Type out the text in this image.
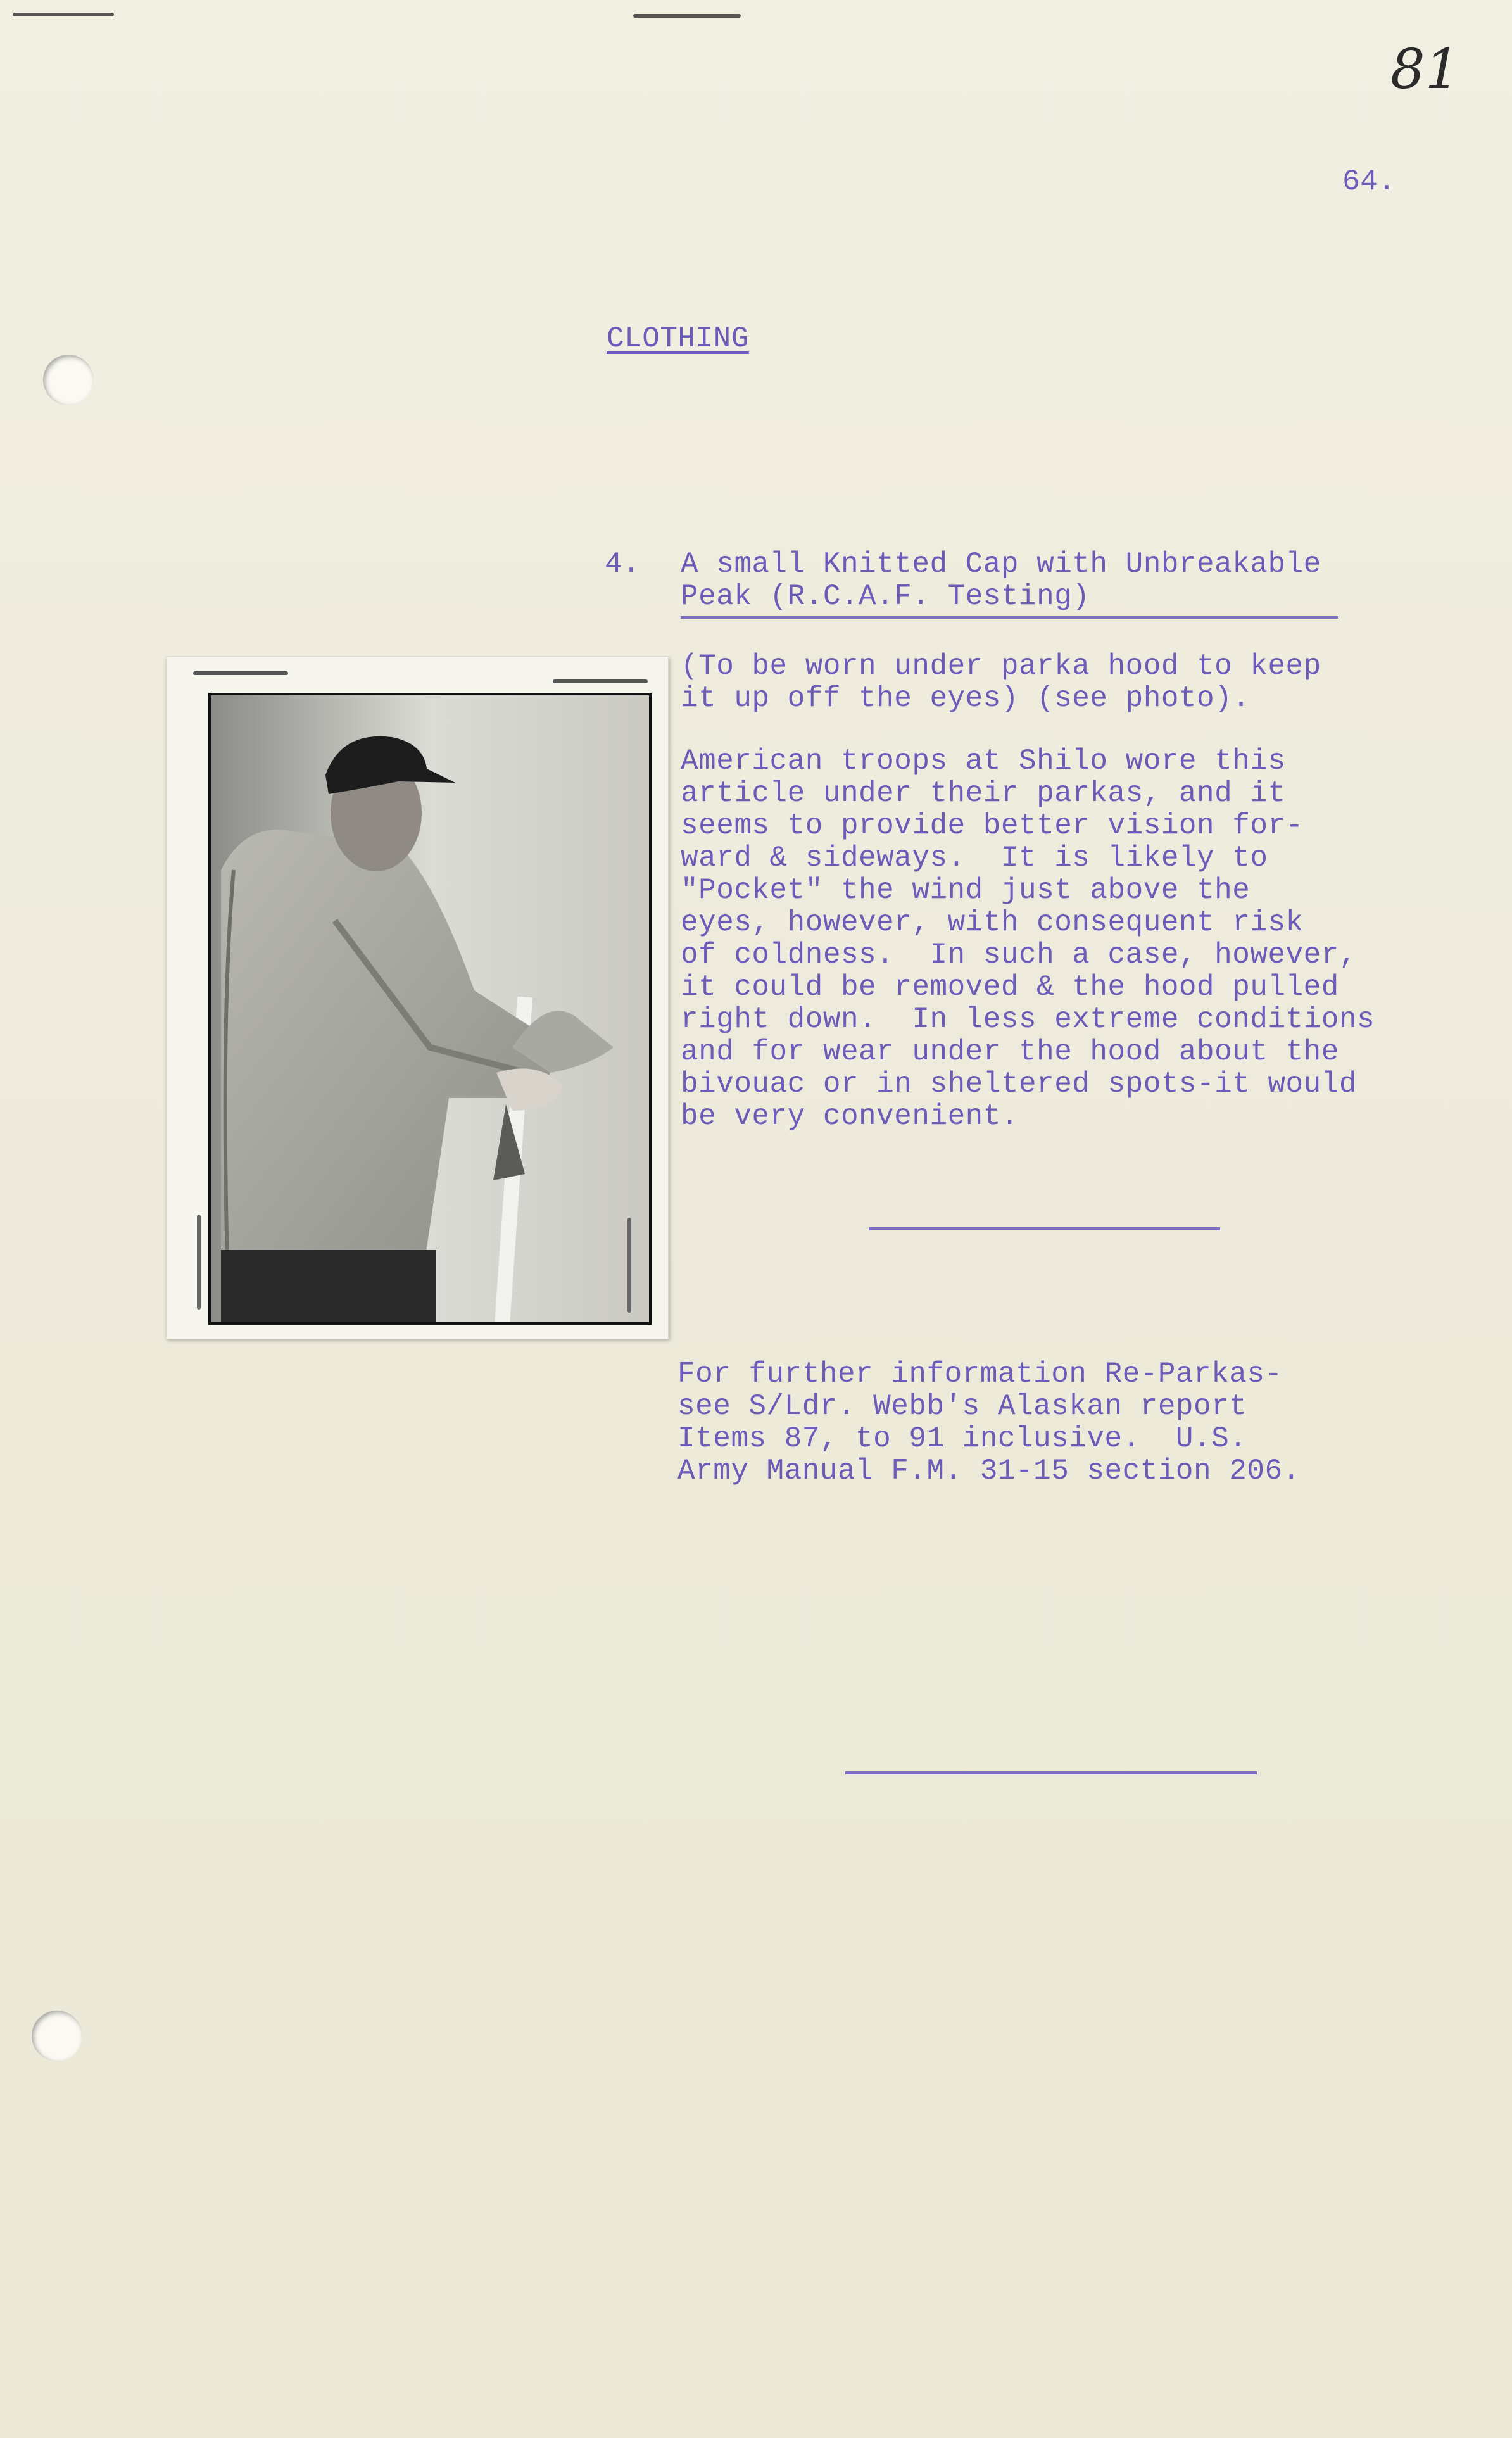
81
64.
CLOTHING
4. A small Knitted Cap with Unbreakable
Peak (R.C.A.F. Testing)
(To be worn under parka hood to keep
it up off the eyes) (see photo).
American troops at Shilo wore this
article under their parkas, and it
seems to provide better vision for-
ward & sideways.  It is likely to
"Pocket" the wind just above the
eyes, however, with consequent risk
of coldness.  In such a case, however,
it could be removed & the hood pulled
right down.  In less extreme conditions
and for wear under the hood about the
bivouac or in sheltered spots-it would
be very convenient.
For further information Re-Parkas-
see S/Ldr. Webb's Alaskan report
Items 87, to 91 inclusive.  U.S.
Army Manual F.M. 31-15 section 206.
